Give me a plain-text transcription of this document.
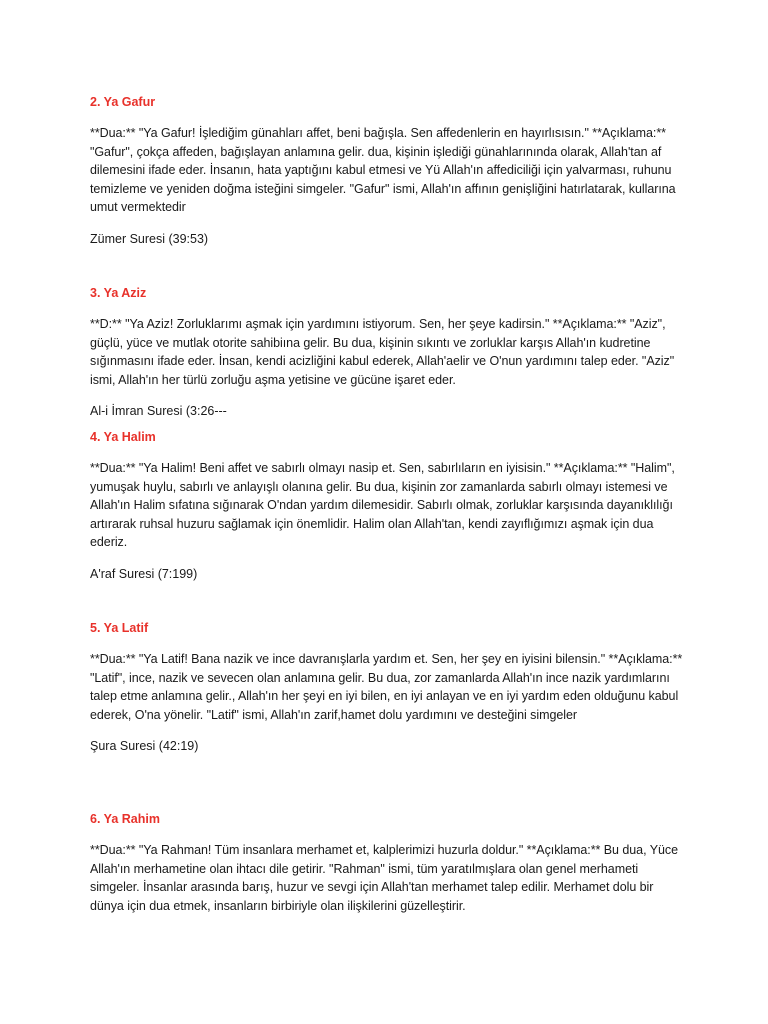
2. Ya Gafur

**Dua:** "Ya Gafur! İşlediğim günahları affet, beni bağışla. Sen affedenlerin en hayırlısısın." **Açıklama:** "Gafur", çokça affeden, bağışlayan anlamına gelir. dua, kişinin işlediği günahlarınında olarak, Allah'tan af dilemesini ifade eder. İnsanın, hata yaptığını kabul etmesi ve Yü Allah'ın affediciliği için yalvarması, ruhunu temizleme ve yeniden doğma isteğini simgeler. "Gafur" ismi, Allah'ın affının genişliğini hatırlatarak, kullarına umut vermektedir

Zümer Suresi (39:53)

3. Ya Aziz

**D:** "Ya Aziz! Zorluklarımı aşmak için yardımını istiyorum. Sen, her şeye kadirsin." **Açıklama:** "Aziz", güçlü, yüce ve mutlak otorite sahibiına gelir. Bu dua, kişinin sıkıntı ve zorluklar karşıs Allah'ın kudretine sığınmasını ifade eder. İnsan, kendi acizliğini kabul ederek, Allah'aelir ve O'nun yardımını talep eder. "Aziz" ismi, Allah'ın her türlü zorluğu aşma yetisine ve gücüne işaret eder.

Al-i İmran Suresi (3:26---

4. Ya Halim

**Dua:** "Ya Halim! Beni affet ve sabırlı olmayı nasip et. Sen, sabırlıların en iyisisin." **Açıklama:** "Halim", yumuşak huylu, sabırlı ve anlayışlı olanına gelir. Bu dua, kişinin zor zamanlarda sabırlı olmayı istemesi ve Allah'ın Halim sıfatına sığınarak O'ndan yardım dilemesidir. Sabırlı olmak, zorluklar karşısında dayanıklılığı artırarak ruhsal huzuru sağlamak için önemlidir. Halim olan Allah'tan, kendi zayıflığımızı aşmak için dua ederiz.

A'raf Suresi (7:199)

5. Ya Latif

**Dua:** "Ya Latif! Bana nazik ve ince davranışlarla yardım et. Sen, her şey en iyisini bilensin." **Açıklama:** "Latif", ince, nazik ve sevecen olan anlamına gelir. Bu dua, zor zamanlarda Allah'ın ince nazik yardımlarını talep etme anlamına gelir., Allah'ın her şeyi en iyi bilen, en iyi anlayan ve en iyi yardım eden olduğunu kabul ederek, O'na yönelir. "Latif" ismi, Allah'ın zarif,hamet dolu yardımını ve desteğini simgeler

Şura Suresi (42:19)

6. Ya Rahim

**Dua:** "Ya Rahman! Tüm insanlara merhamet et, kalplerimizi huzurla doldur." **Açıklama:** Bu dua, Yüce Allah'ın merhametine olan ihtacı dile getirir. "Rahman" ismi, tüm yaratılmışlara olan genel merhameti simgeler. İnsanlar arasında barış, huzur ve sevgi için Allah'tan merhamet talep edilir. Merhamet dolu bir dünya için dua etmek, insanların birbiriyle olan ilişkilerini güzelleştirir.
